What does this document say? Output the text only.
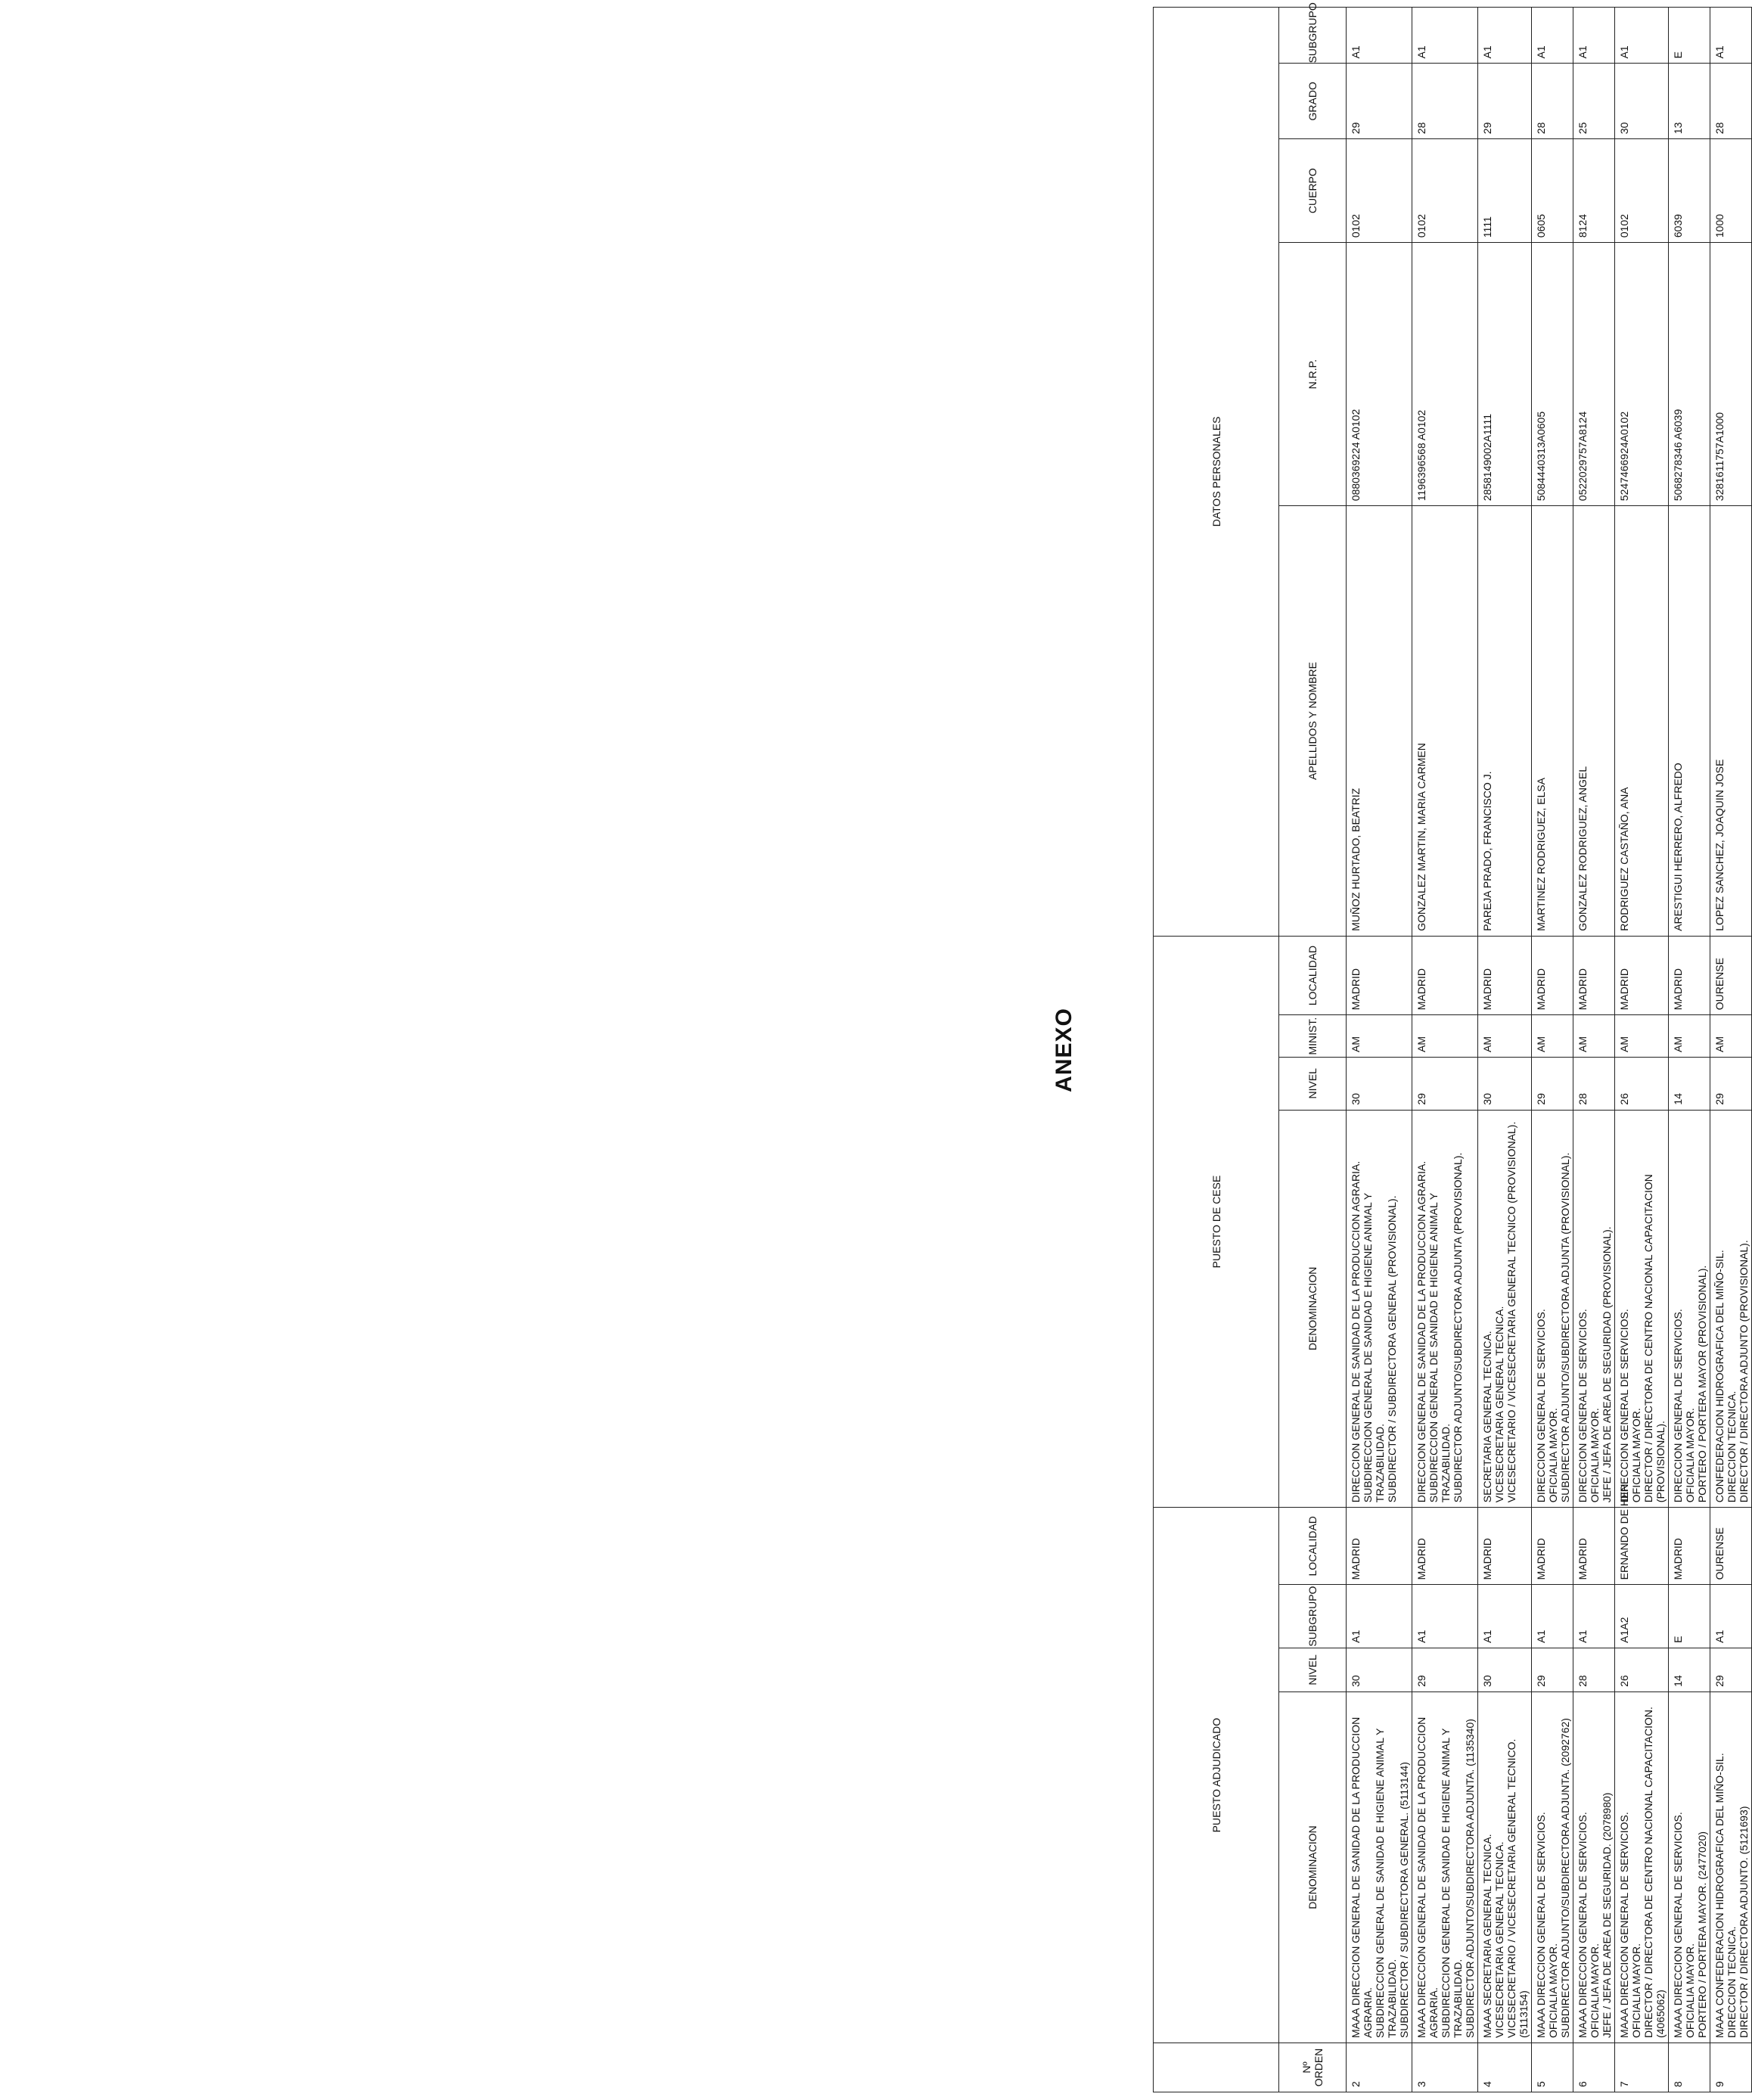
ANEXO
	PUESTO ADJUDICADO				PUESTO DE CESE				DATOS PERSONALES				
Nº ORDEN	DENOMINACION	NIVEL	SUBGRUPO	LOCALIDAD	DENOMINACION	NIVEL	MINIST.	LOCALIDAD	APELLIDOS Y NOMBRE	N.R.P.	CUERPO	GRADO	SUBGRUPO
2	MAAA DIRECCION GENERAL DE SANIDAD DE LA PRODUCCION AGRARIA.
SUBDIRECCION GENERAL DE SANIDAD E HIGIENE ANIMAL Y TRAZABILIDAD.
SUBDIRECTOR / SUBDIRECTORA GENERAL. (5113144)	30	A1	MADRID	DIRECCION GENERAL DE SANIDAD DE LA PRODUCCION AGRARIA.
SUBDIRECCION GENERAL DE SANIDAD E HIGIENE ANIMAL Y TRAZABILIDAD.
SUBDIRECTOR / SUBDIRECTORA GENERAL (PROVISIONAL).	30	AM	MADRID	MUÑOZ HURTADO, BEATRIZ	0880369224 A0102	0102	29	A1
3	MAAA DIRECCION GENERAL DE SANIDAD DE LA PRODUCCION AGRARIA.
SUBDIRECCION GENERAL DE SANIDAD E HIGIENE ANIMAL Y TRAZABILIDAD.
SUBDIRECTOR ADJUNTO/SUBDIRECTORA ADJUNTA. (1135340)	29	A1	MADRID	DIRECCION GENERAL DE SANIDAD DE LA PRODUCCION AGRARIA.
SUBDIRECCION GENERAL DE SANIDAD E HIGIENE ANIMAL Y TRAZABILIDAD.
SUBDIRECTOR ADJUNTO/SUBDIRECTORA ADJUNTA (PROVISIONAL).	29	AM	MADRID	GONZALEZ MARTIN, MARIA CARMEN	1196396568 A0102	0102	28	A1
4	MAAA SECRETARIA GENERAL TECNICA.
VICESECRETARIA GENERAL TECNICA.
VICESECRETARIO / VICESECRETARIA GENERAL TECNICO. (5113154)	30	A1	MADRID	SECRETARIA GENERAL TECNICA.
VICESECRETARIA GENERAL TECNICA.
VICESECRETARIO / VICESECRETARIA GENERAL TECNICO (PROVISIONAL).	30	AM	MADRID	PAREJA PRADO, FRANCISCO J.	2858149002A1111	1111	29	A1
5	MAAA DIRECCION GENERAL DE SERVICIOS.
OFICIALIA MAYOR.
SUBDIRECTOR ADJUNTO/SUBDIRECTORA ADJUNTA. (2092762)	29	A1	MADRID	DIRECCION GENERAL DE SERVICIOS.
OFICIALIA MAYOR.
SUBDIRECTOR ADJUNTO/SUBDIRECTORA ADJUNTA (PROVISIONAL).	29	AM	MADRID	MARTINEZ RODRIGUEZ, ELSA	5084440313A0605	0605	28	A1
6	MAAA DIRECCION GENERAL DE SERVICIOS.
OFICIALIA MAYOR.
JEFE / JEFA DE AREA DE SEGURIDAD. (2078980)	28	A1	MADRID	DIRECCION GENERAL DE SERVICIOS.
OFICIALIA MAYOR.
JEFE / JEFA DE AREA DE SEGURIDAD (PROVISIONAL).	28	AM	MADRID	GONZALEZ RODRIGUEZ, ANGEL	0522029757A8124	8124	25	A1
7	MAAA DIRECCION GENERAL DE SERVICIOS.
OFICIALIA MAYOR.
DIRECTOR / DIRECTORA DE CENTRO NACIONAL CAPACITACION. (4065062)	26	A1A2	ERNANDO DE HEN	DIRECCION GENERAL DE SERVICIOS.
OFICIALIA MAYOR.
DIRECTOR / DIRECTORA DE CENTRO NACIONAL CAPACITACION (PROVISIONAL).	26	AM	MADRID	RODRIGUEZ CASTAÑO, ANA	5247466924A0102	0102	30	A1
8	MAAA DIRECCION GENERAL DE SERVICIOS.
OFICIALIA MAYOR.
PORTERO / PORTERA MAYOR. (2477020)	14	E	MADRID	DIRECCION GENERAL DE SERVICIOS.
OFICIALIA MAYOR.
PORTERO / PORTERA MAYOR (PROVISIONAL).	14	AM	MADRID	ARESTIGUI HERRERO, ALFREDO	5068278346 A6039	6039	13	E
9	MAAA CONFEDERACION HIDROGRAFICA DEL MIÑO-SIL.
DIRECCION TECNICA.
DIRECTOR / DIRECTORA ADJUNTO. (5121693)	29	A1	OURENSE	CONFEDERACION HIDROGRAFICA DEL MIÑO-SIL.
DIRECCION TECNICA.
DIRECTOR / DIRECTORA ADJUNTO (PROVISIONAL).	29	AM	OURENSE	LOPEZ SANCHEZ, JOAQUIN JOSE	3281611757A1000	1000	28	A1
